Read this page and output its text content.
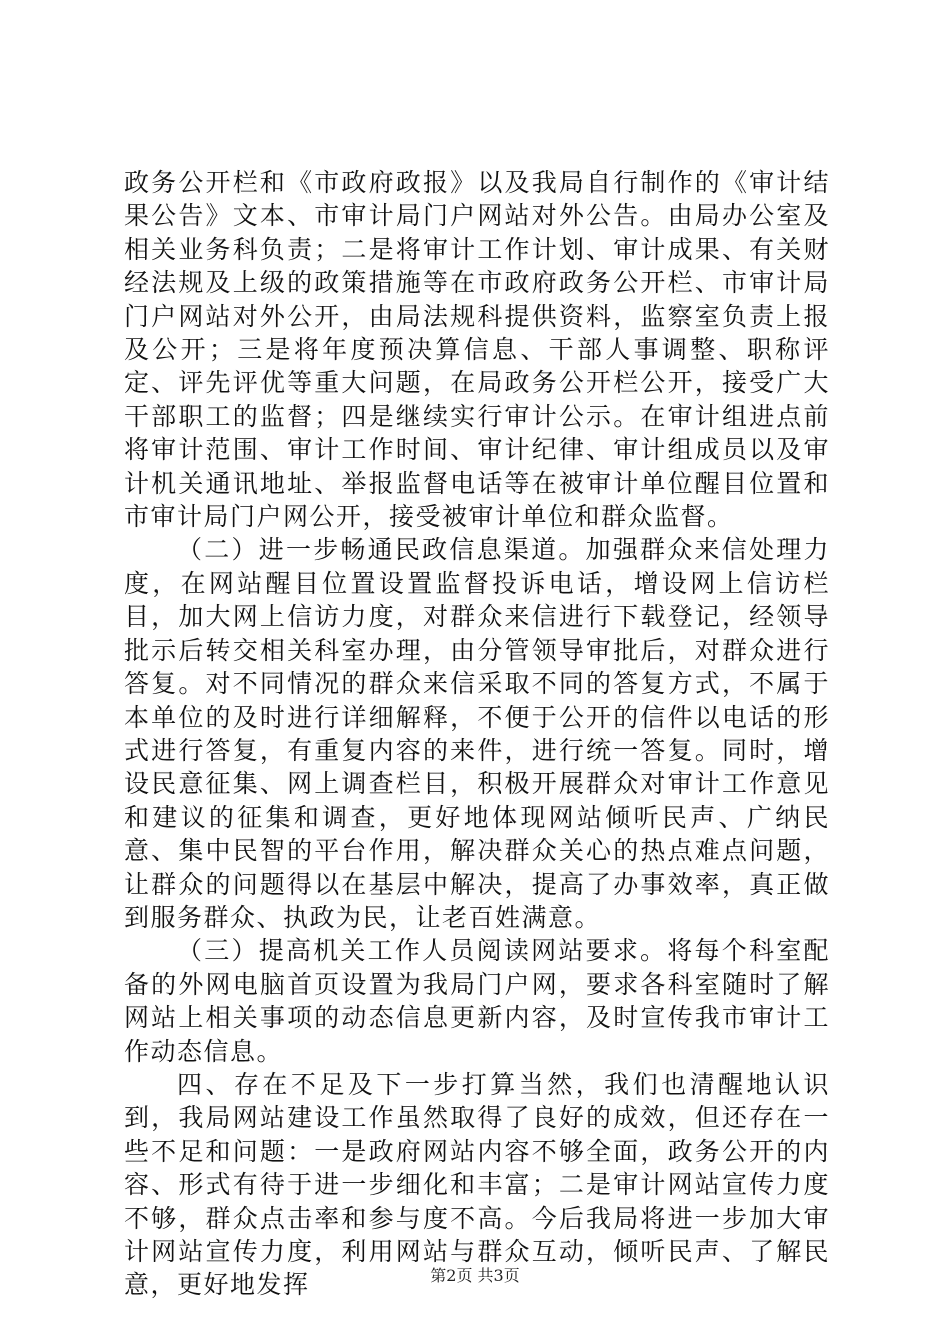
政务公开栏和《市政府政报》以及我局自行制作的《审计结果公告》文本、市审计局门户网站对外公告。由局办公室及相关业务科负责；二是将审计工作计划、审计成果、有关财经法规及上级的政策措施等在市政府政务公开栏、市审计局门户网站对外公开，由局法规科提供资料，监察室负责上报及公开；三是将年度预决算信息、干部人事调整、职称评定、评先评优等重大问题，在局政务公开栏公开，接受广大干部职工的监督；四是继续实行审计公示。在审计组进点前将审计范围、审计工作时间、审计纪律、审计组成员以及审计机关通讯地址、举报监督电话等在被审计单位醒目位置和市审计局门户网公开，接受被审计单位和群众监督。

（二）进一步畅通民政信息渠道。加强群众来信处理力度，在网站醒目位置设置监督投诉电话，增设网上信访栏目，加大网上信访力度，对群众来信进行下载登记，经领导批示后转交相关科室办理，由分管领导审批后，对群众进行答复。对不同情况的群众来信采取不同的答复方式，不属于本单位的及时进行详细解释，不便于公开的信件以电话的形式进行答复，有重复内容的来件，进行统一答复。同时，增设民意征集、网上调查栏目，积极开展群众对审计工作意见和建议的征集和调查，更好地体现网站倾听民声、广纳民意、集中民智的平台作用，解决群众关心的热点难点问题，让群众的问题得以在基层中解决，提高了办事效率，真正做到服务群众、执政为民，让老百姓满意。

（三）提高机关工作人员阅读网站要求。将每个科室配备的外网电脑首页设置为我局门户网，要求各科室随时了解网站上相关事项的动态信息更新内容，及时宣传我市审计工作动态信息。

四、存在不足及下一步打算当然，我们也清醒地认识到，我局网站建设工作虽然取得了良好的成效，但还存在一些不足和问题：一是政府网站内容不够全面，政务公开的内容、形式有待于进一步细化和丰富；二是审计网站宣传力度不够，群众点击率和参与度不高。今后我局将进一步加大审计网站宣传力度，利用网站与群众互动，倾听民声、了解民意，更好地发挥	第2页 共3页
